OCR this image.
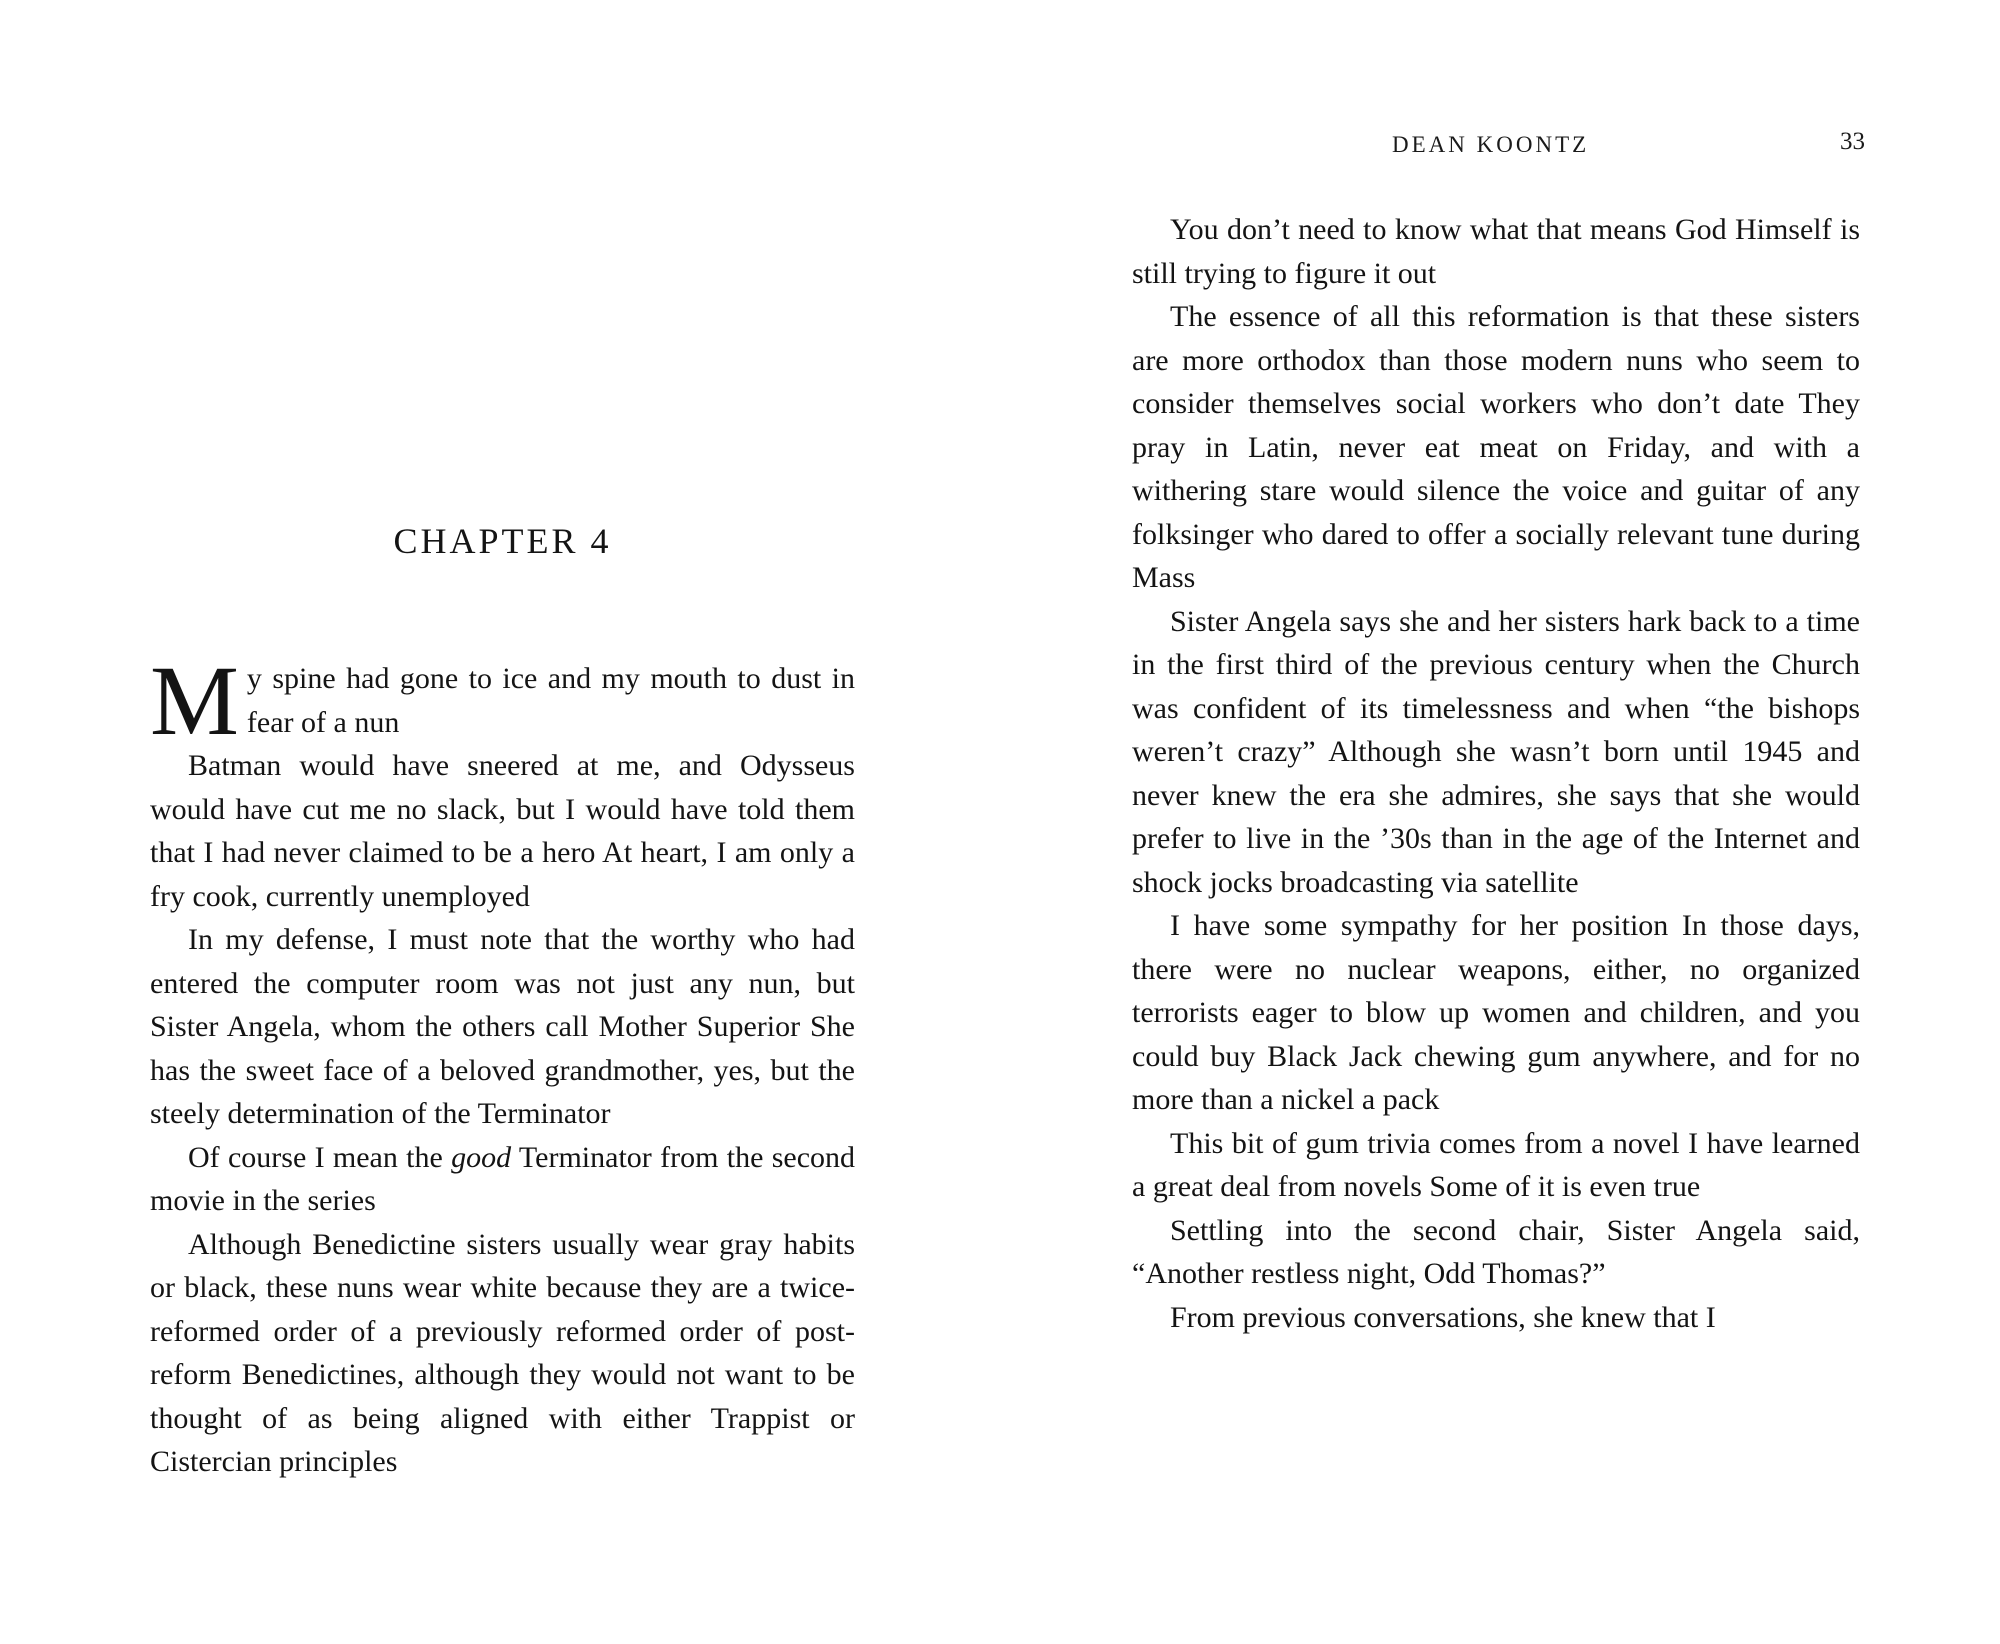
CHAPTER 4

My spine had gone to ice and my mouth to dust in fear of a nun

Batman would have sneered at me, and Odysseus would have cut me no slack, but I would have told them that I had never claimed to be a hero At heart, I am only a fry cook, currently unemployed

In my defense, I must note that the worthy who had entered the computer room was not just any nun, but Sister Angela, whom the others call Mother Superior She has the sweet face of a beloved grandmother, yes, but the steely determination of the Terminator

Of course I mean the good Terminator from the second movie in the series

Although Benedictine sisters usually wear gray habits or black, these nuns wear white because they are a twice-reformed order of a previously reformed order of post-reform Benedictines, although they would not want to be thought of as being aligned with either Trappist or Cistercian principles

DEAN KOONTZ	33

You don’t need to know what that means God Himself is still trying to figure it out

The essence of all this reformation is that these sisters are more orthodox than those modern nuns who seem to consider themselves social workers who don’t date They pray in Latin, never eat meat on Friday, and with a withering stare would silence the voice and guitar of any folksinger who dared to offer a socially relevant tune during Mass

Sister Angela says she and her sisters hark back to a time in the first third of the previous century when the Church was confident of its timelessness and when “the bishops weren’t crazy” Although she wasn’t born until 1945 and never knew the era she admires, she says that she would prefer to live in the ’30s than in the age of the Internet and shock jocks broadcasting via satellite

I have some sympathy for her position In those days, there were no nuclear weapons, either, no organized terrorists eager to blow up women and children, and you could buy Black Jack chewing gum anywhere, and for no more than a nickel a pack

This bit of gum trivia comes from a novel I have learned a great deal from novels Some of it is even true

Settling into the second chair, Sister Angela said, “Another restless night, Odd Thomas?”

From previous conversations, she knew that I
